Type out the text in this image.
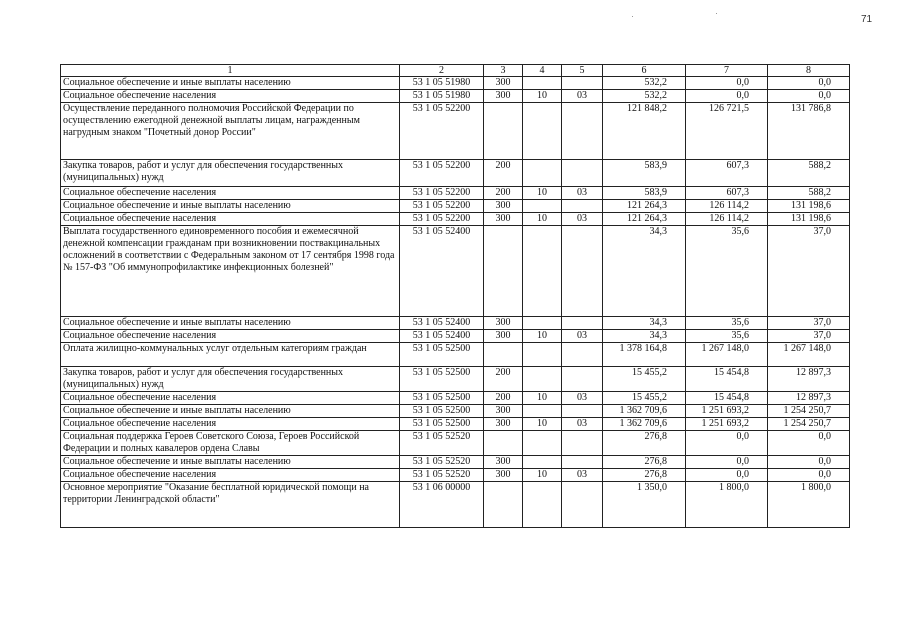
71
1	2	3	4	5	6	7	8
Социальное обеспечение и иные выплаты населению	53 1 05 51980	300			532,2	0,0	0,0
Социальное обеспечение населения	53 1 05 51980	300	10	03	532,2	0,0	0,0
Осуществление переданного полномочия Российской Федерации по осуществлению ежегодной денежной выплаты лицам, награжденным нагрудным знаком "Почетный донор России"	53 1 05 52200				121 848,2	126 721,5	131 786,8
Закупка товаров, работ и услуг для обеспечения государственных (муниципальных) нужд	53 1 05 52200	200			583,9	607,3	588,2
Социальное обеспечение населения	53 1 05 52200	200	10	03	583,9	607,3	588,2
Социальное обеспечение и иные выплаты населению	53 1 05 52200	300			121 264,3	126 114,2	131 198,6
Социальное обеспечение населения	53 1 05 52200	300	10	03	121 264,3	126 114,2	131 198,6
Выплата государственного единовременного пособия и ежемесячной денежной компенсации гражданам при возникновении поствакцинальных осложнений в соответствии с Федеральным законом от 17 сентября 1998 года № 157-ФЗ "Об иммунопрофилактике инфекционных болезней"	53 1 05 52400				34,3	35,6	37,0
Социальное обеспечение и иные выплаты населению	53 1 05 52400	300			34,3	35,6	37,0
Социальное обеспечение населения	53 1 05 52400	300	10	03	34,3	35,6	37,0
Оплата жилищно-коммунальных услуг отдельным категориям граждан	53 1 05 52500				1 378 164,8	1 267 148,0	1 267 148,0
Закупка товаров, работ и услуг для обеспечения государственных (муниципальных) нужд	53 1 05 52500	200			15 455,2	15 454,8	12 897,3
Социальное обеспечение населения	53 1 05 52500	200	10	03	15 455,2	15 454,8	12 897,3
Социальное обеспечение и иные выплаты населению	53 1 05 52500	300			1 362 709,6	1 251 693,2	1 254 250,7
Социальное обеспечение населения	53 1 05 52500	300	10	03	1 362 709,6	1 251 693,2	1 254 250,7
Социальная поддержка Героев Советского Союза, Героев Российской Федерации и полных кавалеров ордена Славы	53 1 05 52520				276,8	0,0	0,0
Социальное обеспечение и иные выплаты населению	53 1 05 52520	300			276,8	0,0	0,0
Социальное обеспечение населения	53 1 05 52520	300	10	03	276,8	0,0	0,0
Основное мероприятие "Оказание бесплатной юридической помощи на территории Ленинградской области"	53 1 06 00000				1 350,0	1 800,0	1 800,0
